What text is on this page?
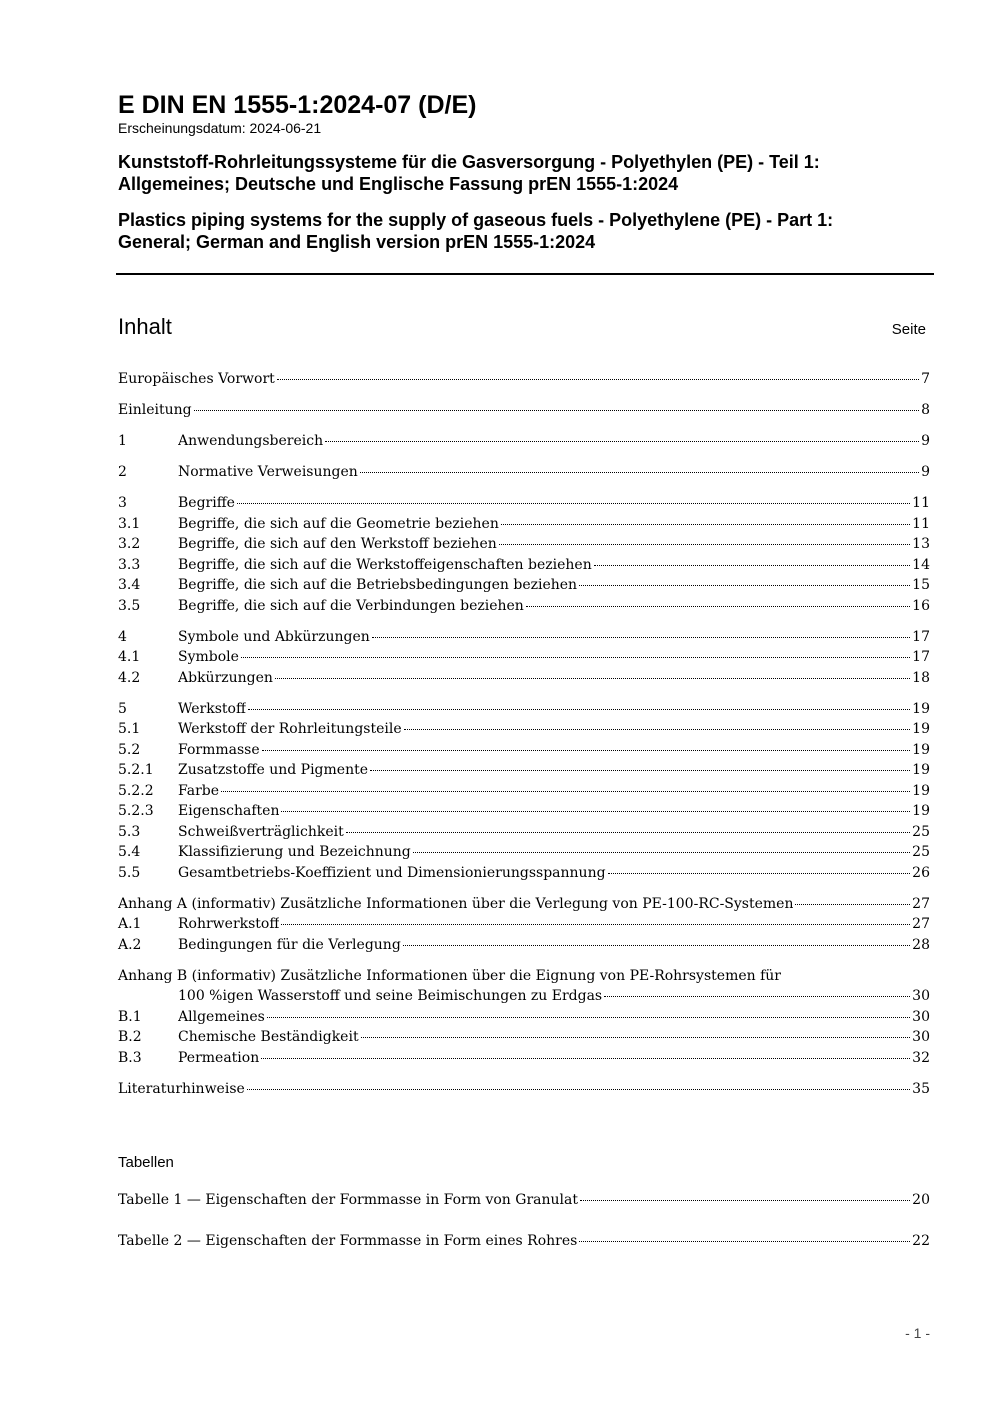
E DIN EN 1555-1:2024-07 (D/E)
Erscheinungsdatum: 2024-06-21
Kunststoff-Rohrleitungssysteme für die Gasversorgung - Polyethylen (PE) - Teil 1:
Allgemeines; Deutsche und Englische Fassung prEN 1555-1:2024
Plastics piping systems for the supply of gaseous fuels - Polyethylene (PE) - Part 1:
General; German and English version prEN 1555-1:2024
Inhalt	Seite
Europäisches Vorwort	7
Einleitung	8
1	Anwendungsbereich	9
2	Normative Verweisungen	9
3	Begriffe	11
3.1	Begriffe, die sich auf die Geometrie beziehen	11
3.2	Begriffe, die sich auf den Werkstoff beziehen	13
3.3	Begriffe, die sich auf die Werkstoffeigenschaften beziehen	14
3.4	Begriffe, die sich auf die Betriebsbedingungen beziehen	15
3.5	Begriffe, die sich auf die Verbindungen beziehen	16
4	Symbole und Abkürzungen	17
4.1	Symbole	17
4.2	Abkürzungen	18
5	Werkstoff	19
5.1	Werkstoff der Rohrleitungsteile	19
5.2	Formmasse	19
5.2.1	Zusatzstoffe und Pigmente	19
5.2.2	Farbe	19
5.2.3	Eigenschaften	19
5.3	Schweißverträglichkeit	25
5.4	Klassifizierung und Bezeichnung	25
5.5	Gesamtbetriebs-Koeffizient und Dimensionierungsspannung	26
Anhang A (informativ) Zusätzliche Informationen über die Verlegung von PE-100-RC-Systemen	27
A.1	Rohrwerkstoff	27
A.2	Bedingungen für die Verlegung	28
Anhang B (informativ) Zusätzliche Informationen über die Eignung von PE-Rohrsystemen für
100 %igen Wasserstoff und seine Beimischungen zu Erdgas	30
B.1	Allgemeines	30
B.2	Chemische Beständigkeit	30
B.3	Permeation	32
Literaturhinweise	35
Tabellen
Tabelle 1 — Eigenschaften der Formmasse in Form von Granulat	20
Tabelle 2 — Eigenschaften der Formmasse in Form eines Rohres	22
- 1 -
